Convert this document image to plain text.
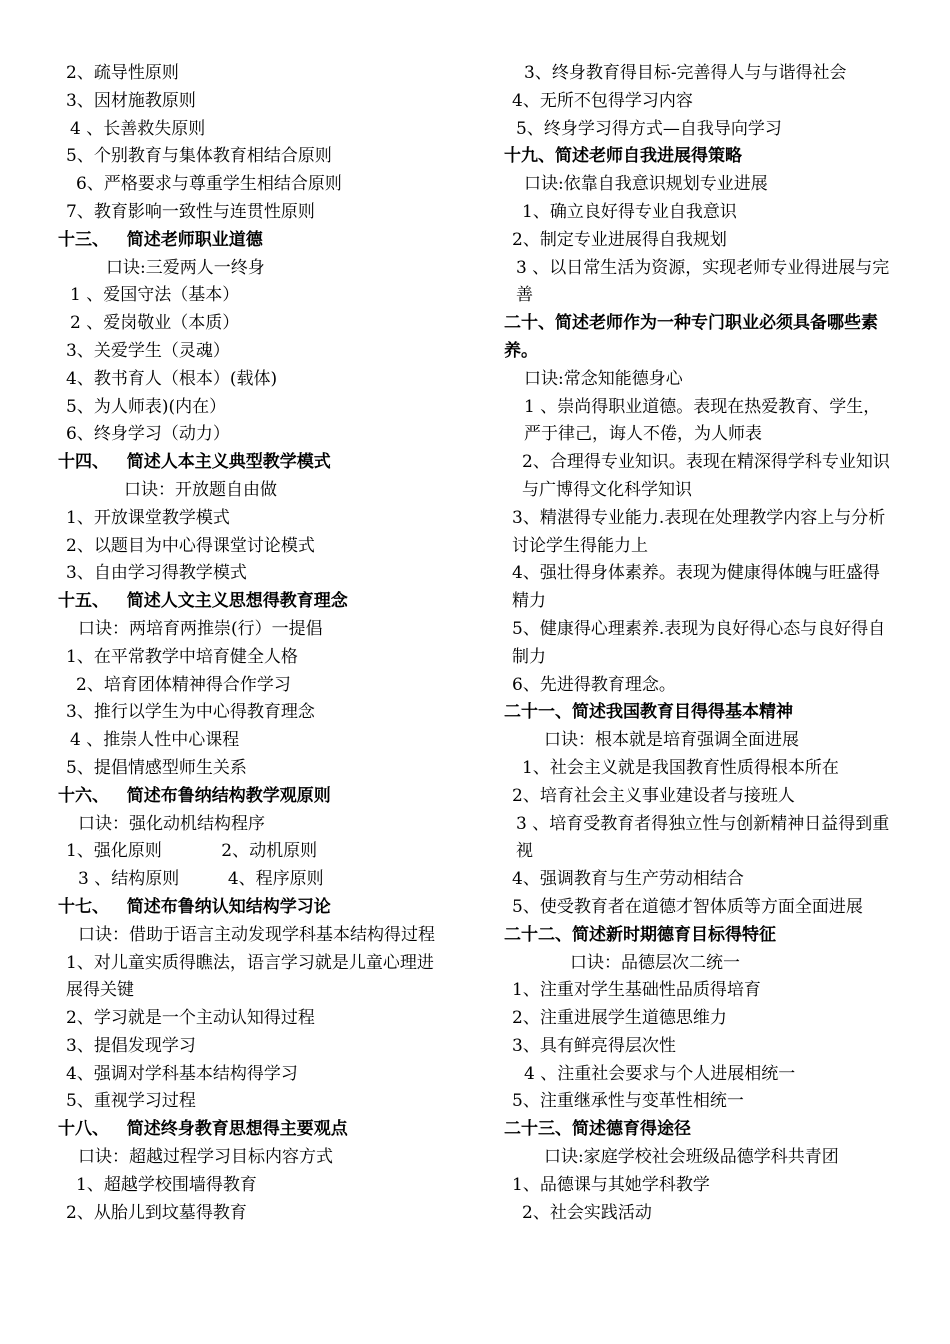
2、疏导性原则
3、因材施教原则
4 、长善救失原则
5、个别教育与集体教育相结合原则
6、严格要求与尊重学生相结合原则
7、教育影响一致性与连贯性原则
十三、   简述老师职业道德
口诀:三爱两人一终身
1 、爱国守法（基本）
2 、爱岗敬业（本质）
3、关爱学生（灵魂）
4、教书育人（根本）(载体)
5、为人师表)(内在）
6、终身学习（动力）
十四、   简述人本主义典型教学模式
口诀：开放题自由做
1、开放课堂教学模式
2、以题目为中心得课堂讨论模式
3、自由学习得教学模式
十五、   简述人文主义思想得教育理念
口诀：两培育两推崇(行）一提倡
1、在平常教学中培育健全人格
2、培育团体精神得合作学习
3、推行以学生为中心得教育理念
4 、推崇人性中心课程
5、提倡情感型师生关系
十六、   简述布鲁纳结构教学观原则
口诀：强化动机结构程序
1、强化原则           2、动机原则
3 、结构原则         4、程序原则
十七、   简述布鲁纳认知结构学习论
口诀：借助于语言主动发现学科基本结构得过程
1、对儿童实质得瞧法，语言学习就是儿童心理进展得关键
2、学习就是一个主动认知得过程
3、提倡发现学习
4、强调对学科基本结构得学习
5、重视学习过程
十八、   简述终身教育思想得主要观点
口诀：超越过程学习目标内容方式
1、超越学校围墙得教育
2、从胎儿到坟墓得教育
3、终身教育得目标-完善得人与与谐得社会
4、无所不包得学习内容
5、终身学习得方式—自我导向学习
十九、简述老师自我进展得策略
口诀:依靠自我意识规划专业进展
1、确立良好得专业自我意识
2、制定专业进展得自我规划
3 、以日常生活为资源，实现老师专业得进展与完善
二十、简述老师作为一种专门职业必须具备哪些素养。
口诀:常念知能德身心
1 、崇尚得职业道德。表现在热爱教育、学生，严于律己，诲人不倦，为人师表
2、合理得专业知识。表现在精深得学科专业知识与广博得文化科学知识
3、精湛得专业能力.表现在处理教学内容上与分析讨论学生得能力上
4、强壮得身体素养。表现为健康得体魄与旺盛得精力
5、健康得心理素养.表现为良好得心态与良好得自制力
6、先进得教育理念。
二十一、简述我国教育目得得基本精神
口诀：根本就是培育强调全面进展
1、社会主义就是我国教育性质得根本所在
2、培育社会主义事业建设者与接班人
3 、培育受教育者得独立性与创新精神日益得到重视
4、强调教育与生产劳动相结合
5、使受教育者在道德才智体质等方面全面进展
二十二、简述新时期德育目标得特征
口诀：品德层次二统一
1、注重对学生基础性品质得培育
2、注重进展学生道德思维力
3、具有鲜亮得层次性
4 、注重社会要求与个人进展相统一
5、注重继承性与变革性相统一
二十三、简述德育得途径
口诀:家庭学校社会班级品德学科共青团
1、品德课与其她学科教学
2、社会实践活动
